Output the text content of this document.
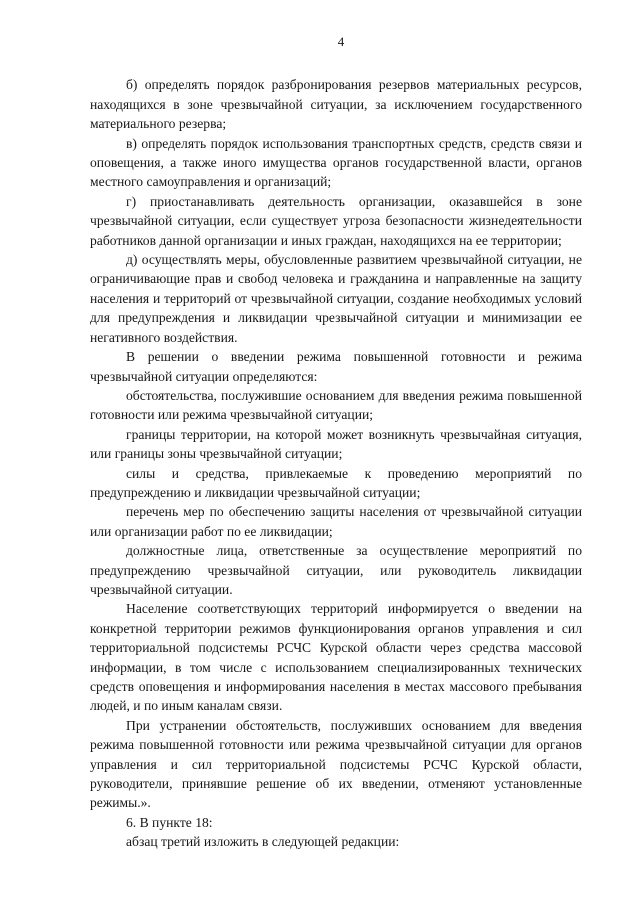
4

б) определять порядок разбронирования резервов материальных ресурсов, находящихся в зоне чрезвычайной ситуации, за исключением государственного материального резерва;

в) определять порядок использования транспортных средств, средств связи и оповещения, а также иного имущества органов государственной власти, органов местного самоуправления и организаций;

г) приостанавливать деятельность организации, оказавшейся в зоне чрезвычайной ситуации, если существует угроза безопасности жизнедеятельности работников данной организации и иных граждан, находящихся на ее территории;

д) осуществлять меры, обусловленные развитием чрезвычайной ситуации, не ограничивающие прав и свобод человека и гражданина и направленные на защиту населения и территорий от чрезвычайной ситуации, создание необходимых условий для предупреждения и ликвидации чрезвычайной ситуации и минимизации ее негативного воздействия.

В решении о введении режима повышенной готовности и режима чрезвычайной ситуации определяются:

обстоятельства, послужившие основанием для введения режима повышенной готовности или режима чрезвычайной ситуации;

границы территории, на которой может возникнуть чрезвычайная ситуация, или границы зоны чрезвычайной ситуации;

силы и средства, привлекаемые к проведению мероприятий по предупреждению и ликвидации чрезвычайной ситуации;

перечень мер по обеспечению защиты населения от чрезвычайной ситуации или организации работ по ее ликвидации;

должностные лица, ответственные за осуществление мероприятий по предупреждению чрезвычайной ситуации, или руководитель ликвидации чрезвычайной ситуации.

Население соответствующих территорий информируется о введении на конкретной территории режимов функционирования органов управления и сил территориальной подсистемы РСЧС Курской области через средства массовой информации, в том числе с использованием специализированных технических средств оповещения и информирования населения в местах массового пребывания людей, и по иным каналам связи.

При устранении обстоятельств, послуживших основанием для введения режима повышенной готовности или режима чрезвычайной ситуации для органов управления и сил территориальной подсистемы РСЧС Курской области, руководители, принявшие решение об их введении, отменяют установленные режимы.».

6. В пункте 18:

абзац третий изложить в следующей редакции:
